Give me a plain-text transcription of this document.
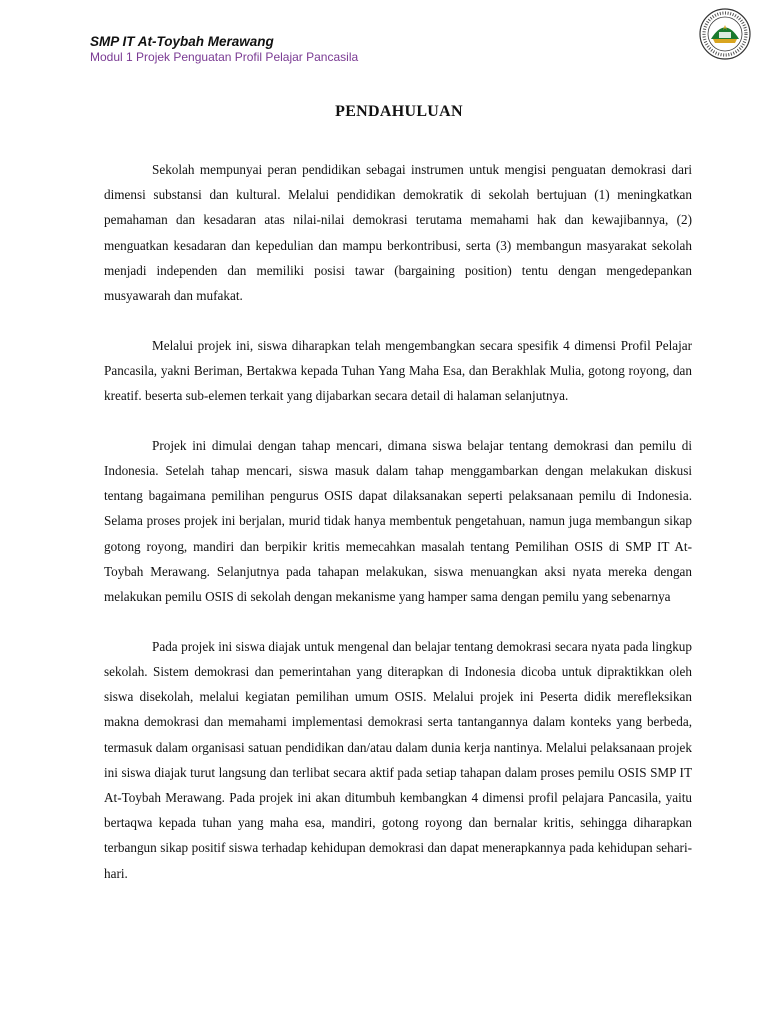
SMP IT At-Toybah Merawang
Modul 1 Projek Penguatan Profil Pelajar Pancasila
PENDAHULUAN

Sekolah mempunyai peran pendidikan sebagai instrumen untuk mengisi penguatan demokrasi dari dimensi substansi dan kultural. Melalui pendidikan demokratik di sekolah bertujuan (1) meningkatkan pemahaman dan kesadaran atas nilai-nilai demokrasi terutama memahami hak dan kewajibannya, (2) menguatkan kesadaran dan kepedulian dan mampu berkontribusi, serta (3) membangun masyarakat sekolah menjadi independen dan memiliki posisi tawar (bargaining position) tentu dengan mengedepankan musyawarah dan mufakat.

Melalui projek ini, siswa diharapkan telah mengembangkan secara spesifik 4 dimensi Profil Pelajar Pancasila, yakni Beriman, Bertakwa kepada Tuhan Yang Maha Esa, dan Berakhlak Mulia, gotong royong, dan kreatif. beserta sub-elemen terkait yang dijabarkan secara detail di halaman selanjutnya.

Projek ini dimulai dengan tahap mencari, dimana siswa belajar tentang demokrasi dan pemilu di Indonesia. Setelah tahap mencari, siswa masuk dalam tahap menggambarkan dengan melakukan diskusi tentang bagaimana pemilihan pengurus OSIS dapat dilaksanakan seperti pelaksanaan pemilu di Indonesia. Selama proses projek ini berjalan, murid tidak hanya membentuk pengetahuan, namun juga membangun sikap gotong royong, mandiri dan berpikir kritis memecahkan masalah tentang Pemilihan OSIS di SMP IT At-Toybah Merawang. Selanjutnya pada tahapan melakukan, siswa menuangkan aksi nyata mereka dengan melakukan pemilu OSIS di sekolah dengan mekanisme yang hamper sama dengan pemilu yang sebenarnya

Pada projek ini siswa diajak untuk mengenal dan belajar tentang demokrasi secara nyata pada lingkup sekolah. Sistem demokrasi dan pemerintahan yang diterapkan di Indonesia dicoba untuk dipraktikkan oleh siswa disekolah, melalui kegiatan pemilihan umum OSIS. Melalui projek ini Peserta didik merefleksikan makna demokrasi dan memahami implementasi demokrasi serta tantangannya dalam konteks yang berbeda, termasuk dalam organisasi satuan pendidikan dan/atau dalam dunia kerja nantinya. Melalui pelaksanaan projek ini siswa diajak turut langsung dan terlibat secara aktif pada setiap tahapan dalam proses pemilu OSIS SMP IT At-Toybah Merawang. Pada projek ini akan ditumbuh kembangkan 4 dimensi profil pelajara Pancasila, yaitu bertaqwa kepada tuhan yang maha esa, mandiri, gotong royong dan bernalar kritis, sehingga diharapkan terbangun sikap positif siswa terhadap kehidupan demokrasi dan dapat menerapkannya pada kehidupan sehari-hari.
